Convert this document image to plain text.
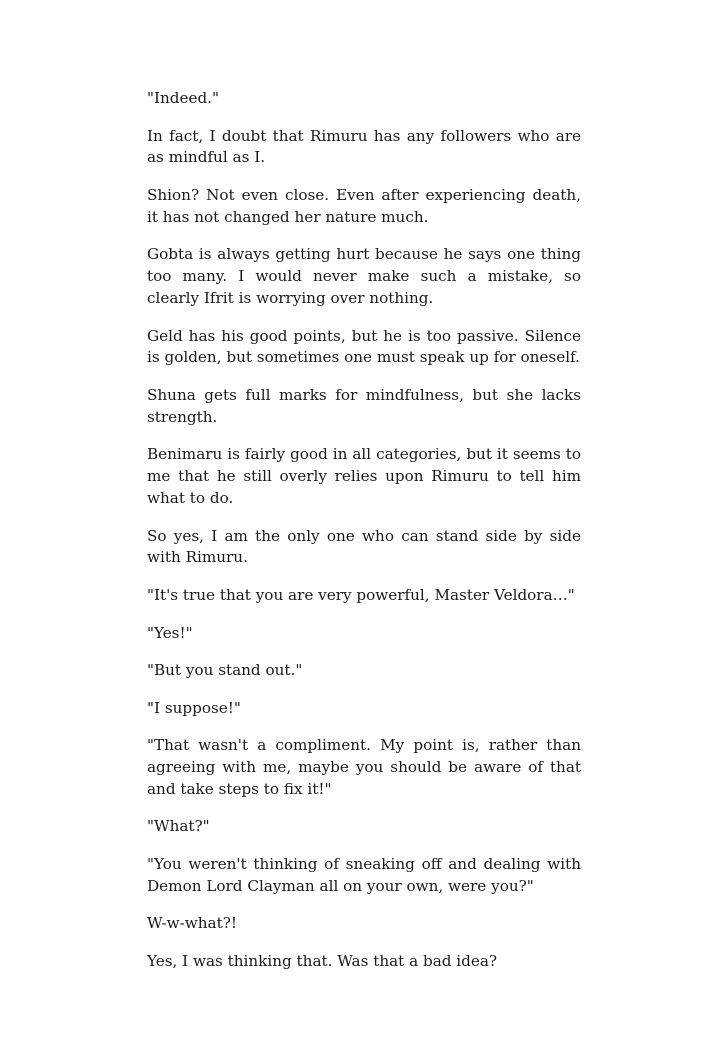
"Indeed."

In fact, I doubt that Rimuru has any followers who are as mindful as I.

Shion? Not even close. Even after experiencing death, it has not changed her nature much.

Gobta is always getting hurt because he says one thing too many. I would never make such a mistake, so clearly Ifrit is worrying over nothing.

Geld has his good points, but he is too passive. Silence is golden, but sometimes one must speak up for oneself.

Shuna gets full marks for mindfulness, but she lacks strength.

Benimaru is fairly good in all categories, but it seems to me that he still overly relies upon Rimuru to tell him what to do.

So yes, I am the only one who can stand side by side with Rimuru.

"It's true that you are very powerful, Master Veldora…"

"Yes!"

"But you stand out."

"I suppose!"

"That wasn't a compliment. My point is, rather than agreeing with me, maybe you should be aware of that and take steps to fix it!"

"What?"

"You weren't thinking of sneaking off and dealing with Demon Lord Clayman all on your own, were you?"

W-w-what?!

Yes, I was thinking that. Was that a bad idea?
